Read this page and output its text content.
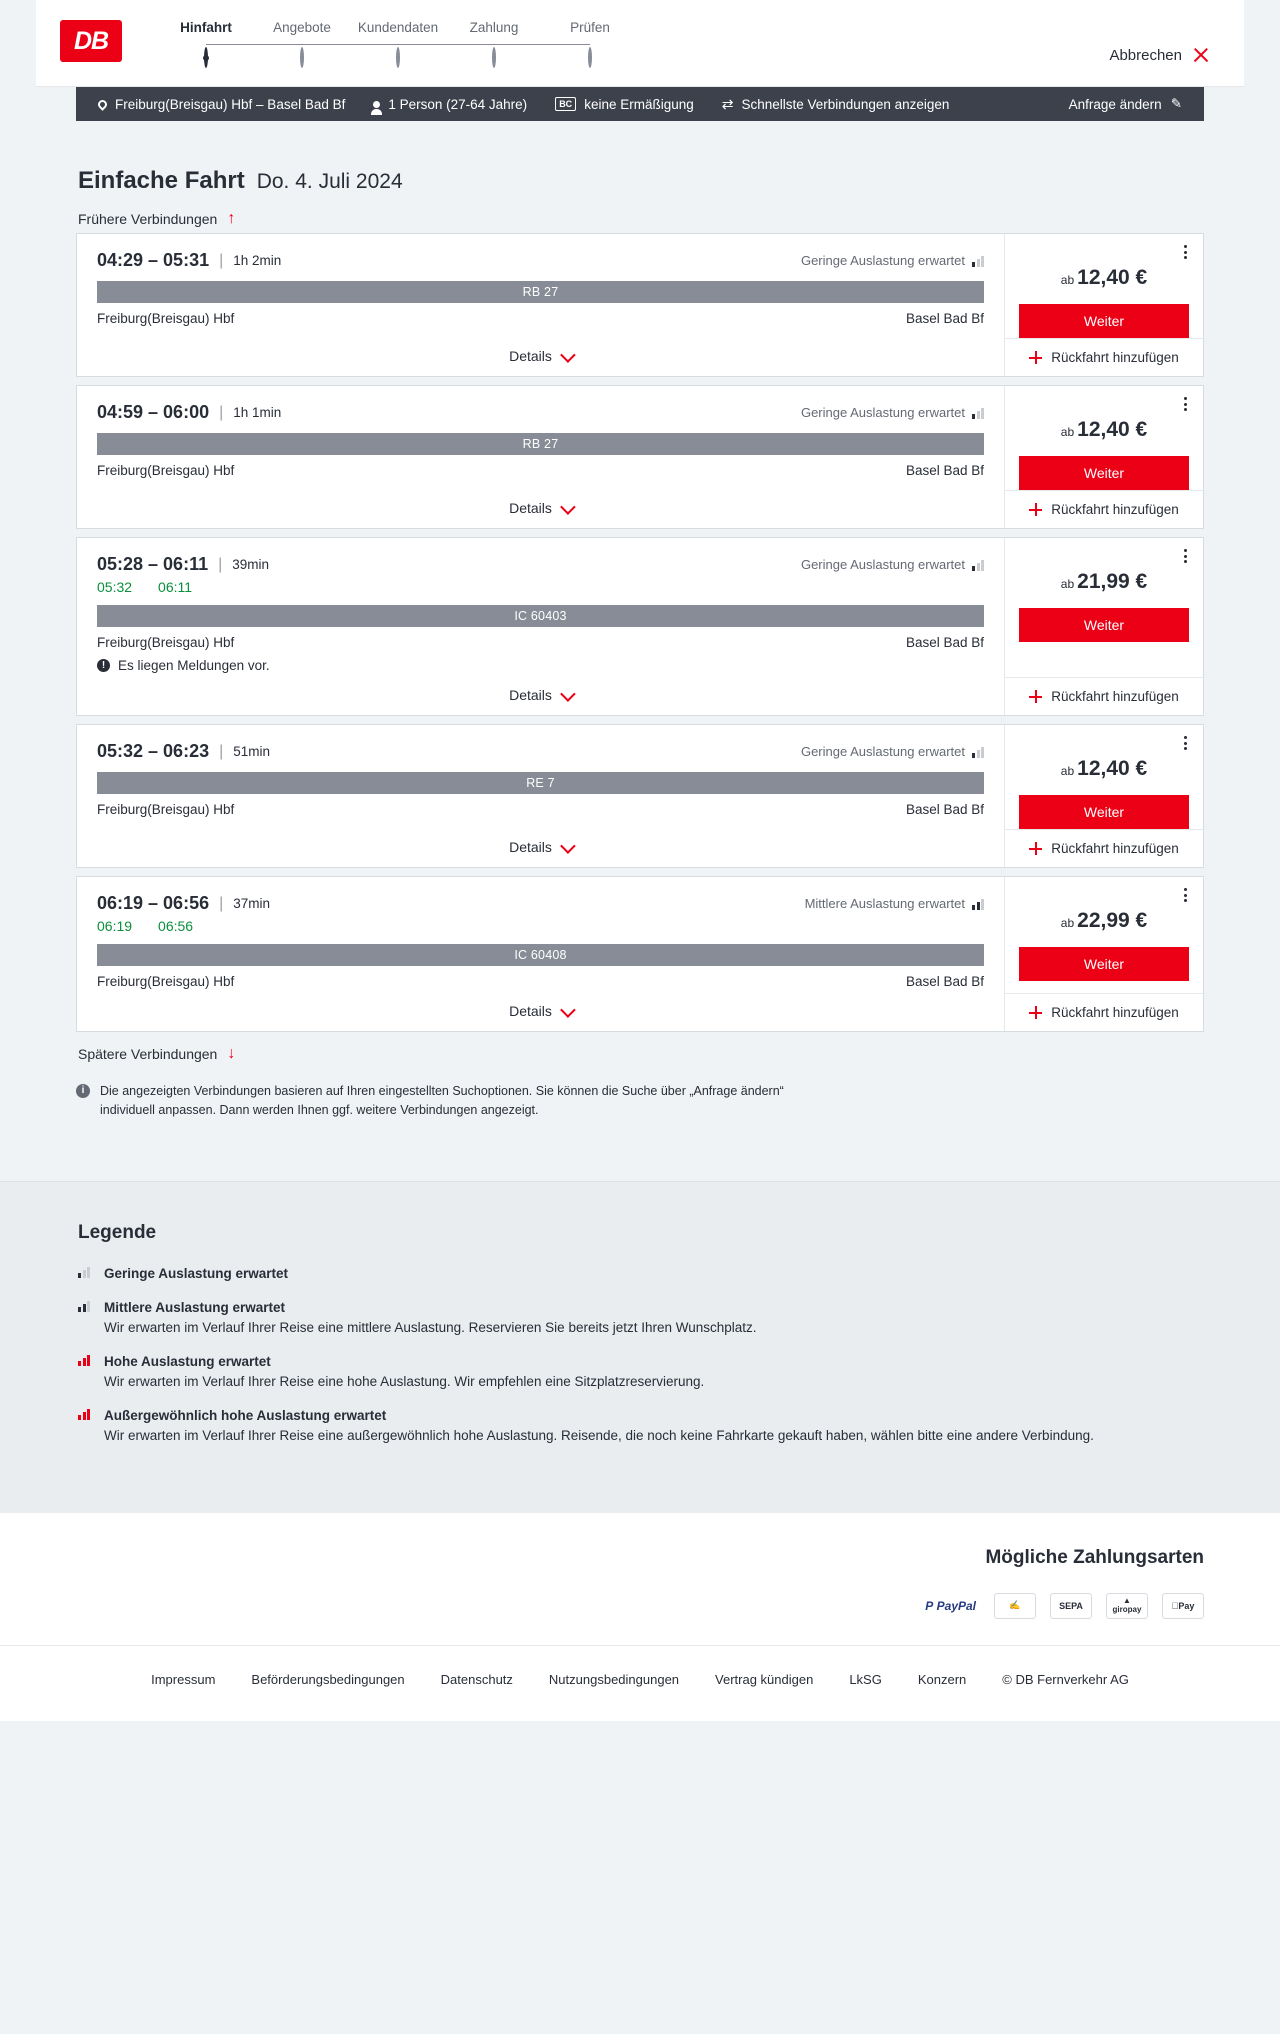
DB	Hinfahrt	Angebote	Kundendaten	Zahlung	Prüfen
Abbrechen
Freiburg(Breisgau) Hbf – Basel Bad Bf	1 Person (27-64 Jahre)	BC keine Ermäßigung ⇄ Schnellste Verbindungen anzeigen	Anfrage ändern ✎
Einfache Fahrt Do. 4. Juli 2024
Frühere Verbindungen ↑
04:29 – 05:31 | 1h 2min	Geringe Auslastung erwartet
RB 27
Freiburg(Breisgau) Hbf	Basel Bad Bf
Details
ab 12,40 €
Weiter
Rückfahrt hinzufügen
04:59 – 06:00 | 1h 1min	Geringe Auslastung erwartet
RB 27
Freiburg(Breisgau) Hbf	Basel Bad Bf
Details
ab 12,40 €
Weiter
Rückfahrt hinzufügen
05:28 – 06:11 | 39min	Geringe Auslastung erwartet
05:32 06:11
IC 60403
Freiburg(Breisgau) Hbf	Basel Bad Bf
! Es liegen Meldungen vor.
Details
ab 21,99 €
Weiter
Rückfahrt hinzufügen
05:32 – 06:23 | 51min	Geringe Auslastung erwartet
RE 7
Freiburg(Breisgau) Hbf	Basel Bad Bf
Details
ab 12,40 €
Weiter
Rückfahrt hinzufügen
06:19 – 06:56 | 37min	Mittlere Auslastung erwartet
06:19 06:56
IC 60408
Freiburg(Breisgau) Hbf	Basel Bad Bf
Details
ab 22,99 €
Weiter
Rückfahrt hinzufügen
Spätere Verbindungen ↓
i	Die angezeigten Verbindungen basieren auf Ihren eingestellten Suchoptionen. Sie können die Suche über „Anfrage ändern“ individuell anpassen. Dann werden Ihnen ggf. weitere Verbindungen angezeigt.
Legende
Geringe Auslastung erwartet
Mittlere Auslastung erwartet
Wir erwarten im Verlauf Ihrer Reise eine mittlere Auslastung. Reservieren Sie bereits jetzt Ihren Wunschplatz.
Hohe Auslastung erwartet
Wir erwarten im Verlauf Ihrer Reise eine hohe Auslastung. Wir empfehlen eine Sitzplatzreservierung.
Außergewöhnlich hohe Auslastung erwartet
Wir erwarten im Verlauf Ihrer Reise eine außergewöhnlich hohe Auslastung. Reisende, die noch keine Fahrkarte gekauft haben, wählen bitte eine andere Verbindung.
Mögliche Zahlungsarten
P PayPal	✍	SEPA	▲
giropay	Pay
Impressum	Beförderungsbedingungen	Datenschutz	Nutzungsbedingungen	Vertrag kündigen	LkSG	Konzern	© DB Fernverkehr AG
